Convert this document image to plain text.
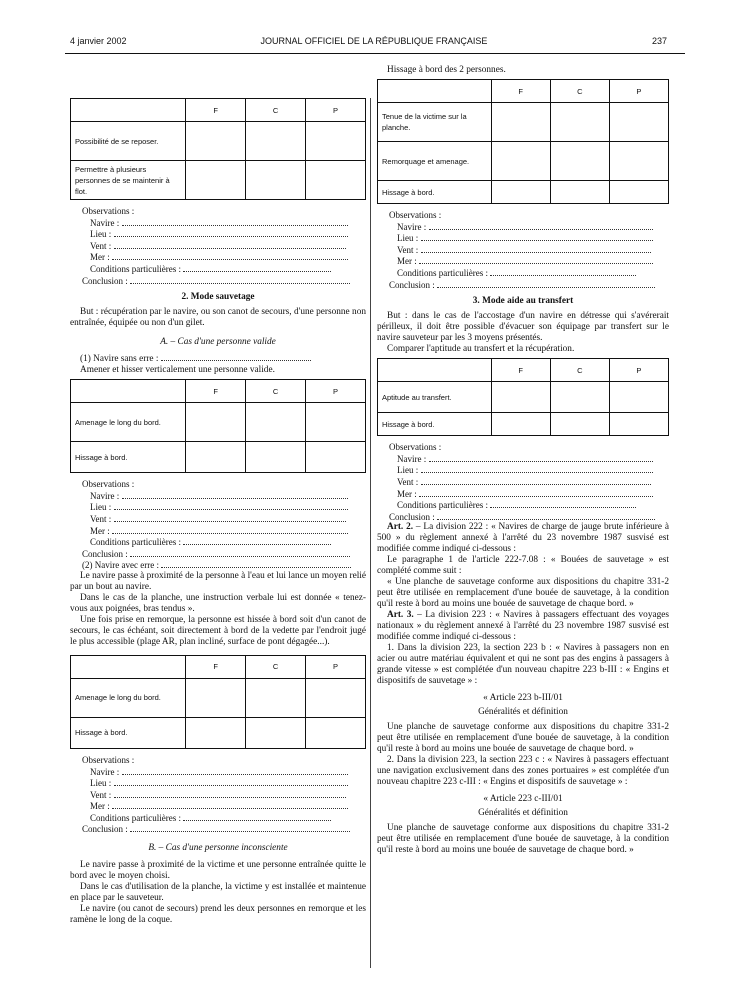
4 janvier 2002	JOURNAL OFFICIEL DE LA RÉPUBLIQUE FRANÇAISE	237
	F	C	P
Possibilité de se reposer.			
Permettre à plusieurs personnes de se maintenir à flot.			

Observations :

Navire :

Lieu :

Vent :

Mer :

Conditions particulières :

Conclusion :

2. Mode sauvetage

But : récupération par le navire, ou son canot de secours, d'une personne non entraînée, équipée ou non d'un gilet.

A. – Cas d'une personne valide

(1) Navire sans erre :

Amener et hisser verticalement une personne valide.

	F	C	P
Amenage le long du bord.			
Hissage à bord.			

Observations :

Navire :

Lieu :

Vent :

Mer :

Conditions particulières :

Conclusion :

(2) Navire avec erre :

Le navire passe à proximité de la personne à l'eau et lui lance un moyen relié par un bout au navire.

Dans le cas de la planche, une instruction verbale lui est donnée « tenez-vous aux poignées, bras tendus ».

Une fois prise en remorque, la personne est hissée à bord soit d'un canot de secours, le cas échéant, soit directement à bord de la vedette par l'endroit jugé le plus accessible (plage AR, plan incliné, surface de pont dégagée...).

	F	C	P
Amenage le long du bord.			
Hissage à bord.			

Observations :

Navire :

Lieu :

Vent :

Mer :

Conditions particulières :

Conclusion :

B. – Cas d'une personne inconsciente

Le navire passe à proximité de la victime et une personne entraînée quitte le bord avec le moyen choisi.

Dans le cas d'utilisation de la planche, la victime y est installée et maintenue en place par le sauveteur.

Le navire (ou canot de secours) prend les deux personnes en remorque et les ramène le long de la coque.

Hissage à bord des 2 personnes.

	F	C	P
Tenue de la victime sur la planche.			
Remorquage et amenage.			
Hissage à bord.			

Observations :

Navire :

Lieu :

Vent :

Mer :

Conditions particulières :

Conclusion :

3. Mode aide au transfert

But : dans le cas de l'accostage d'un navire en détresse qui s'avérerait périlleux, il doit être possible d'évacuer son équipage par transfert sur le navire sauveteur par les 3 moyens présentés.

Comparer l'aptitude au transfert et la récupération.

	F	C	P
Aptitude au transfert.			
Hissage à bord.			

Observations :

Navire :

Lieu :

Vent :

Mer :

Conditions particulières :

Conclusion :

Art. 2. – La division 222 : « Navires de charge de jauge brute inférieure à 500 » du règlement annexé à l'arrêté du 23 novembre 1987 susvisé est modifiée comme indiqué ci-dessous :

Le paragraphe 1 de l'article 222-7.08 : « Bouées de sauvetage » est complété comme suit :

« Une planche de sauvetage conforme aux dispositions du chapitre 331-2 peut être utilisée en remplacement d'une bouée de sauvetage, à la condition qu'il reste à bord au moins une bouée de sauvetage de chaque bord. »

Art. 3. – La division 223 : « Navires à passagers effectuant des voyages nationaux » du règlement annexé à l'arrêté du 23 novembre 1987 susvisé est modifiée comme indiqué ci-dessous :

1. Dans la division 223, la section 223 b : « Navires à passagers non en acier ou autre matériau équivalent et qui ne sont pas des engins à passagers à grande vitesse » est complétée d'un nouveau chapitre 223 b-III : « Engins et dispositifs de sauvetage » :

« Article 223 b-III/01

Généralités et définition

Une planche de sauvetage conforme aux dispositions du chapitre 331-2 peut être utilisée en remplacement d'une bouée de sauvetage, à la condition qu'il reste à bord au moins une bouée de sauvetage de chaque bord. »

2. Dans la division 223, la section 223 c : « Navires à passagers effectuant une navigation exclusivement dans des zones portuaires » est complétée d'un nouveau chapitre 223 c-III : « Engins et dispositifs de sauvetage » :

« Article 223 c-III/01

Généralités et définition

Une planche de sauvetage conforme aux dispositions du chapitre 331-2 peut être utilisée en remplacement d'une bouée de sauvetage, à la condition qu'il reste à bord au moins une bouée de sauvetage de chaque bord. »
